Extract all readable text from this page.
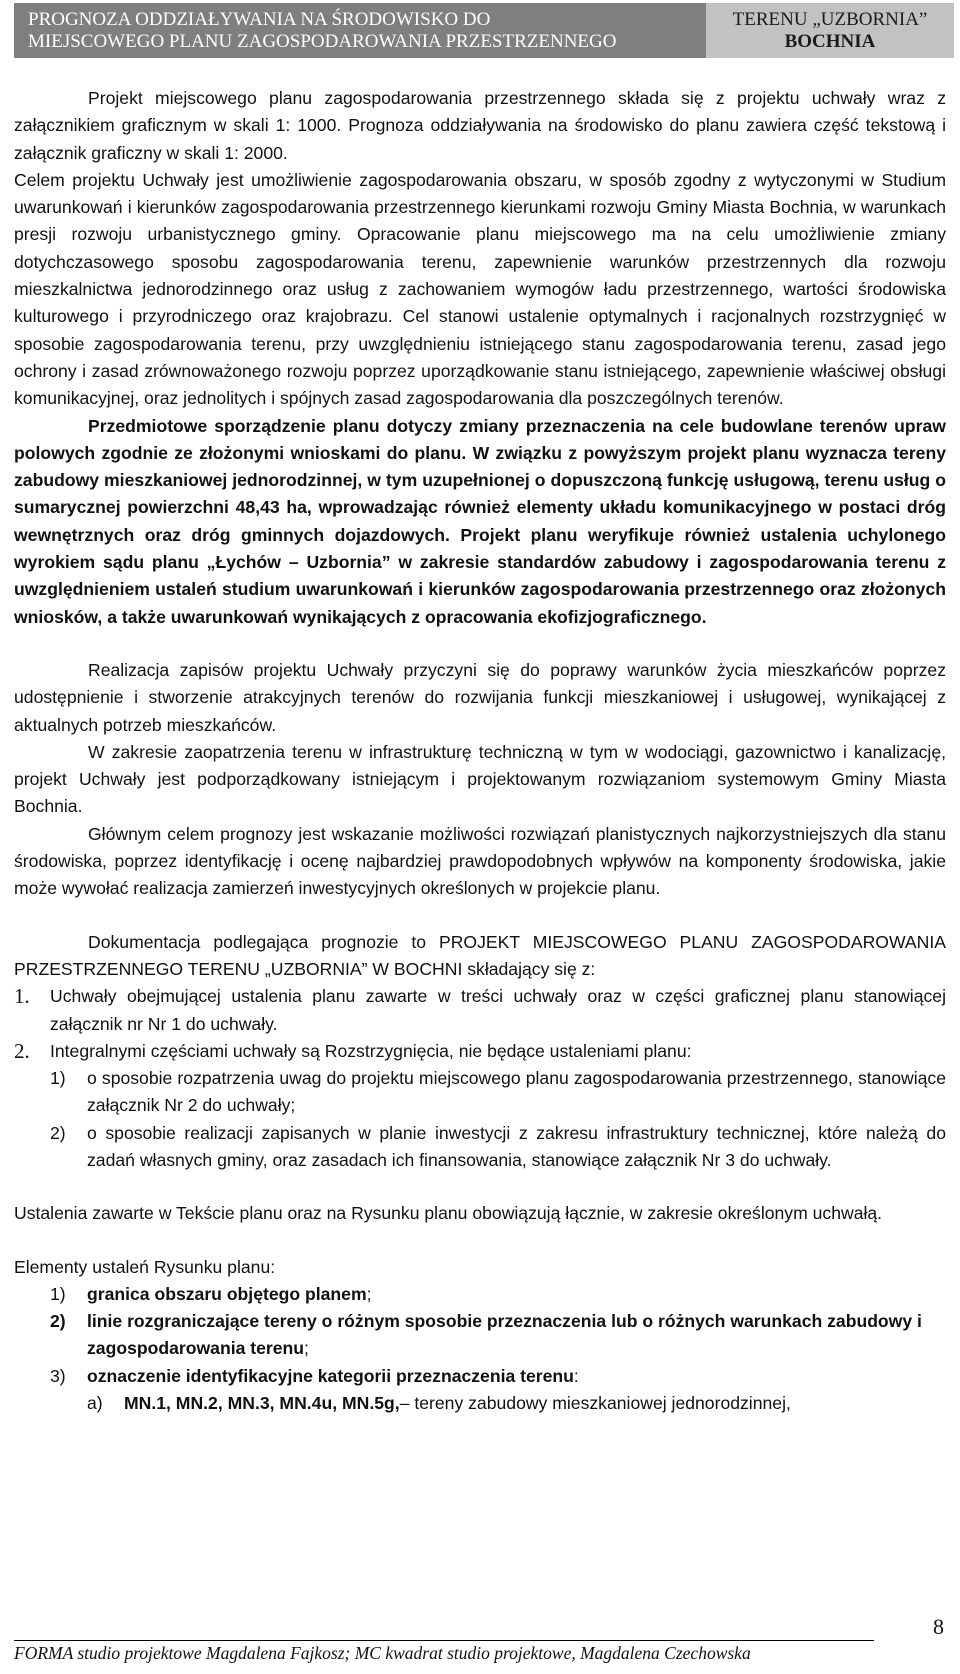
PROGNOZA ODDZIAŁYWANIA NA ŚRODOWISKO DO
MIEJSCOWEGO PLANU ZAGOSPODAROWANIA PRZESTRZENNEGO
TERENU „UZBORNIA”
BOCHNIA

Projekt miejscowego planu zagospodarowania przestrzennego składa się z projektu uchwały wraz z załącznikiem graficznym w skali 1: 1000. Prognoza oddziaływania na środowisko do planu zawiera część tekstową i załącznik graficzny w skali 1: 2000.

Celem projektu Uchwały jest umożliwienie zagospodarowania obszaru, w sposób zgodny z wytyczonymi w Studium uwarunkowań i kierunków zagospodarowania przestrzennego kierunkami rozwoju Gminy Miasta Bochnia, w warunkach presji rozwoju urbanistycznego gminy. Opracowanie planu miejscowego ma na celu umożliwienie zmiany dotychczasowego sposobu zagospodarowania terenu, zapewnienie warunków przestrzennych dla rozwoju mieszkalnictwa jednorodzinnego oraz usług z zachowaniem wymogów ładu przestrzennego, wartości środowiska kulturowego i przyrodniczego oraz krajobrazu. Cel stanowi ustalenie optymalnych i racjonalnych rozstrzygnięć w sposobie zagospodarowania terenu, przy uwzględnieniu istniejącego stanu zagospodarowania terenu, zasad jego ochrony i zasad zrównoważonego rozwoju poprzez uporządkowanie stanu istniejącego, zapewnienie właściwej obsługi komunikacyjnej, oraz jednolitych i spójnych zasad zagospodarowania dla poszczególnych terenów.

Przedmiotowe sporządzenie planu dotyczy zmiany przeznaczenia na cele budowlane terenów upraw polowych zgodnie ze złożonymi wnioskami do planu. W związku z powyższym projekt planu wyznacza tereny zabudowy mieszkaniowej jednorodzinnej, w tym uzupełnionej o dopuszczoną funkcję usługową, terenu usług o sumarycznej powierzchni 48,43 ha, wprowadzając również elementy układu komunikacyjnego w postaci dróg wewnętrznych oraz dróg gminnych dojazdowych. Projekt planu weryfikuje również ustalenia uchylonego wyrokiem sądu planu „Łychów – Uzbornia” w zakresie standardów zabudowy i zagospodarowania terenu z uwzględnieniem ustaleń studium uwarunkowań i kierunków zagospodarowania przestrzennego oraz złożonych wniosków, a także uwarunkowań wynikających z opracowania ekofizjograficznego.

Realizacja zapisów projektu Uchwały przyczyni się do poprawy warunków życia mieszkańców poprzez udostępnienie i stworzenie atrakcyjnych terenów do rozwijania funkcji mieszkaniowej i usługowej, wynikającej z aktualnych potrzeb mieszkańców.

W zakresie zaopatrzenia terenu w infrastrukturę techniczną w tym w wodociągi, gazownictwo i kanalizację, projekt Uchwały jest podporządkowany istniejącym i projektowanym rozwiązaniom systemowym Gminy Miasta Bochnia.

Głównym celem prognozy jest wskazanie możliwości rozwiązań planistycznych najkorzystniejszych dla stanu środowiska, poprzez identyfikację i ocenę najbardziej prawdopodobnych wpływów na komponenty środowiska, jakie może wywołać realizacja zamierzeń inwestycyjnych określonych w projekcie planu.

Dokumentacja podlegająca prognozie to PROJEKT MIEJSCOWEGO PLANU ZAGOSPODAROWANIA PRZESTRZENNEGO TERENU „UZBORNIA” W BOCHNI składający się z:

1.	Uchwały obejmującej ustalenia planu zawarte w treści uchwały oraz w części graficznej planu stanowiącej załącznik nr Nr 1 do uchwały.
2.	Integralnymi częściami uchwały są Rozstrzygnięcia, nie będące ustaleniami planu:
1)	o sposobie rozpatrzenia uwag do projektu miejscowego planu zagospodarowania przestrzennego, stanowiące załącznik Nr 2 do uchwały;
2)	o sposobie realizacji zapisanych w planie inwestycji z zakresu infrastruktury technicznej, które należą do zadań własnych gminy, oraz zasadach ich finansowania, stanowiące załącznik Nr 3 do uchwały.

Ustalenia zawarte w Tekście planu oraz na Rysunku planu obowiązują łącznie, w zakresie określonym uchwałą.

Elementy ustaleń Rysunku planu:

1)	granica obszaru objętego planem;
2)	linie rozgraniczające tereny o różnym sposobie przeznaczenia lub o różnych warunkach zabudowy i zagospodarowania terenu;
3)	oznaczenie identyfikacyjne kategorii przeznaczenia terenu:
a)	MN.1, MN.2, MN.3, MN.4u, MN.5g,– tereny zabudowy mieszkaniowej jednorodzinnej,
8
FORMA studio projektowe Magdalena Fajkosz; MC kwadrat studio projektowe, Magdalena Czechowska
